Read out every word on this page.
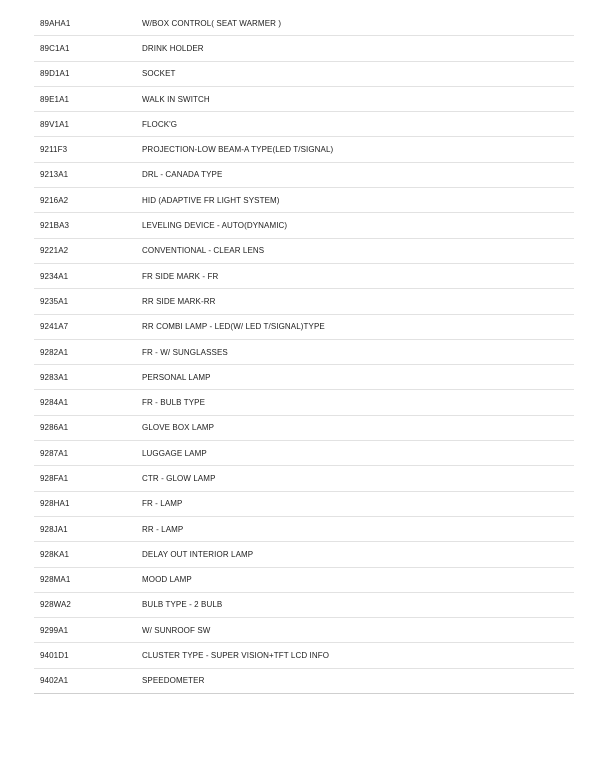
89AHA1	W/BOX CONTROL( SEAT WARMER )
89C1A1	DRINK HOLDER
89D1A1	SOCKET
89E1A1	WALK IN SWITCH
89V1A1	FLOCK'G
9211F3	PROJECTION-LOW BEAM-A TYPE(LED T/SIGNAL)
9213A1	DRL - CANADA TYPE
9216A2	HID (ADAPTIVE FR LIGHT SYSTEM)
921BA3	LEVELING DEVICE - AUTO(DYNAMIC)
9221A2	CONVENTIONAL - CLEAR LENS
9234A1	FR SIDE MARK - FR
9235A1	RR SIDE MARK-RR
9241A7	RR COMBI LAMP - LED(W/ LED T/SIGNAL)TYPE
9282A1	FR - W/ SUNGLASSES
9283A1	PERSONAL LAMP
9284A1	FR - BULB TYPE
9286A1	GLOVE BOX LAMP
9287A1	LUGGAGE LAMP
928FA1	CTR - GLOW LAMP
928HA1	FR - LAMP
928JA1	RR - LAMP
928KA1	DELAY OUT INTERIOR LAMP
928MA1	MOOD LAMP
928WA2	BULB TYPE - 2 BULB
9299A1	W/ SUNROOF SW
9401D1	CLUSTER TYPE - SUPER VISION+TFT LCD INFO
9402A1	SPEEDOMETER
